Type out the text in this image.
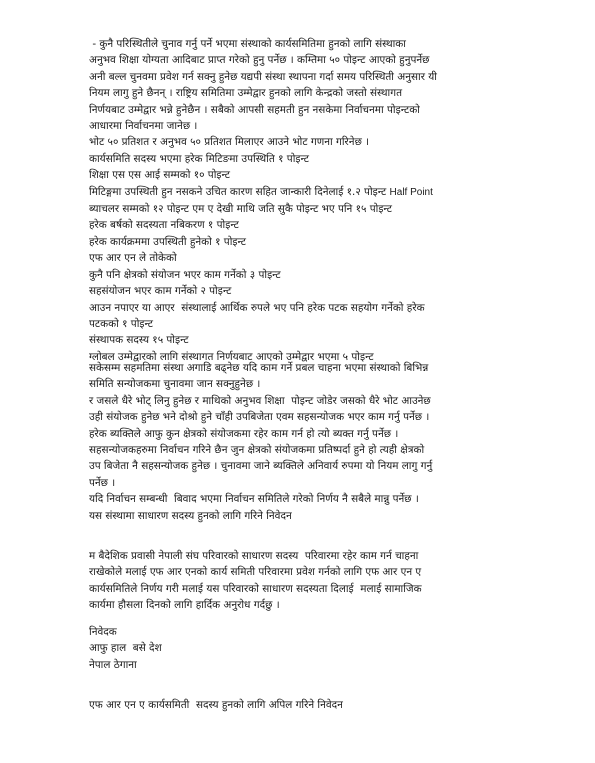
- कुनै परिस्थितीले चुनाव गर्नु पर्ने भएमा संस्थाको कार्यसमितिमा हुनको लागि संस्थाका

अनुभव शिक्षा योग्यता आदिबाट प्राप्त गरेको हुनु पर्नेछ । कम्तिमा ५० पोइन्ट आएको हुनुपर्नेछ

अनी बल्ल चुनवमा प्रवेश गर्न सक्नु हुनेछ यद्यपी संस्था स्थापना गर्दा समय परिस्थिती अनुसार यी

नियम लागु हुने छैनन् । राष्ट्रिय समितिमा उम्मेद्वार हुनको लागि केन्द्रको जस्तो संस्थागत

निर्णयबाट उम्मेद्वार भन्ने हुनेछैन । सबैको आपसी सहमती हुन नसकेमा निर्वाचनमा पोइन्टको

आधारमा निर्वाचनमा जानेछ ।

भोट ५० प्रतिशत र अनुभव ५० प्रतिशत मिलाएर आउने भोट गणना गरिनेछ ।

कार्यसमिति सदस्य भएमा हरेक मिटिङमा उपस्थिति १ पोइन्ट

शिक्षा एस एस आई सम्मको १० पोइन्ट

मिटिङ्गमा उपस्थिती हुन नसकने उचित कारण सहित जान्कारी दिनेलाई १.२ पोइन्ट Half Point

ब्याचलर सम्मको १२ पोइन्ट एम ए देखी माथि जति सुकै पोइन्ट भए पनि १५ पोइन्ट

हरेक बर्षको सदस्यता नबिकरण १ पोइन्ट

हरेक कार्यक्रममा उपस्थिती हुनेको १ पोइन्ट

एफ आर एन ले तोकेको

कुनै पनि क्षेत्रको संयोजन भएर काम गर्नेको ३ पोइन्ट

सहसंयोजन भएर काम गर्नेको २ पोइन्ट

आउन नपाएर या आएर  संस्थालाई आर्थिक रुपले भए पनि हरेक पटक सहयोग गर्नेको हरेक

पटकको १ पोइन्ट

संस्थापक सदस्य १५ पोइन्ट

ग्लोबल उम्मेद्वारको लागि संस्थागत निर्णयबाट आएको उम्मेद्वार भएमा ५ पोइन्ट

सकेसम्म सहमतिमा संस्था अगाडि बढ्नेछ यदि काम गर्ने प्रबल चाहना भएमा संस्थाको बिभिन्न

समिति सन्योजकमा चुनावमा जान सक्नुहुनेछ ।

र जसले धैरे भोट् लिनु हुनेछ र माथिको अनुभव शिक्षा  पोइन्ट जोडेर जसको धैरे भोट आउनेछ

उही संयोजक हुनेछ भने दोश्रो हुने चाँही उपबिजेता एवम सहसन्योजक भएर काम गर्नु पर्नेछ ।

हरेक ब्यक्तिले आफु कुन क्षेत्रको संयोजकमा रहेर काम गर्न हो त्यो ब्यक्त गर्नु पर्नेछ ।

सहसन्योजकहरुमा निर्वाचन गरिने छैन जुन क्षेत्रको संयोजकमा प्रतिष्पर्दा हुने हो त्यही क्षेत्रको

उप बिजेता नै सहसन्योजक हुनेछ । चुनावमा जाने ब्यक्तिले अनिवार्य रुपमा यो नियम लागु गर्नु

पर्नेछ ।

यदि निर्वाचन सम्बन्धी  बिवाद भएमा निर्वाचन समितिले गरेको निर्णय नै सबैले मान्नु पर्नेछ ।

यस संस्थामा साधारण सदस्य हुनको लागि गरिने निवेदन

म बैदेशिक प्रवासी नेपाली संघ परिवारको साधारण सदस्य  परिवारमा रहेर काम गर्न चाहना

राखेकोले मलाई एफ आर एनको कार्य समिती परिवारमा प्रवेश गर्नको लागि एफ आर एन ए

कार्यसमितिले निर्णय गरी मलाई यस परिवारको साधारण सदस्यता दिलाई  मलाई सामाजिक

कार्यमा हौसला दिनको लागि हार्दिक अनुरोध गर्दछु ।

निवेदक

आफु हाल  बसे देश

नेपाल ठेगाना

एफ आर एन ए कार्यसमिती  सदस्य हुनको लागि अपिल गरिने निवेदन
